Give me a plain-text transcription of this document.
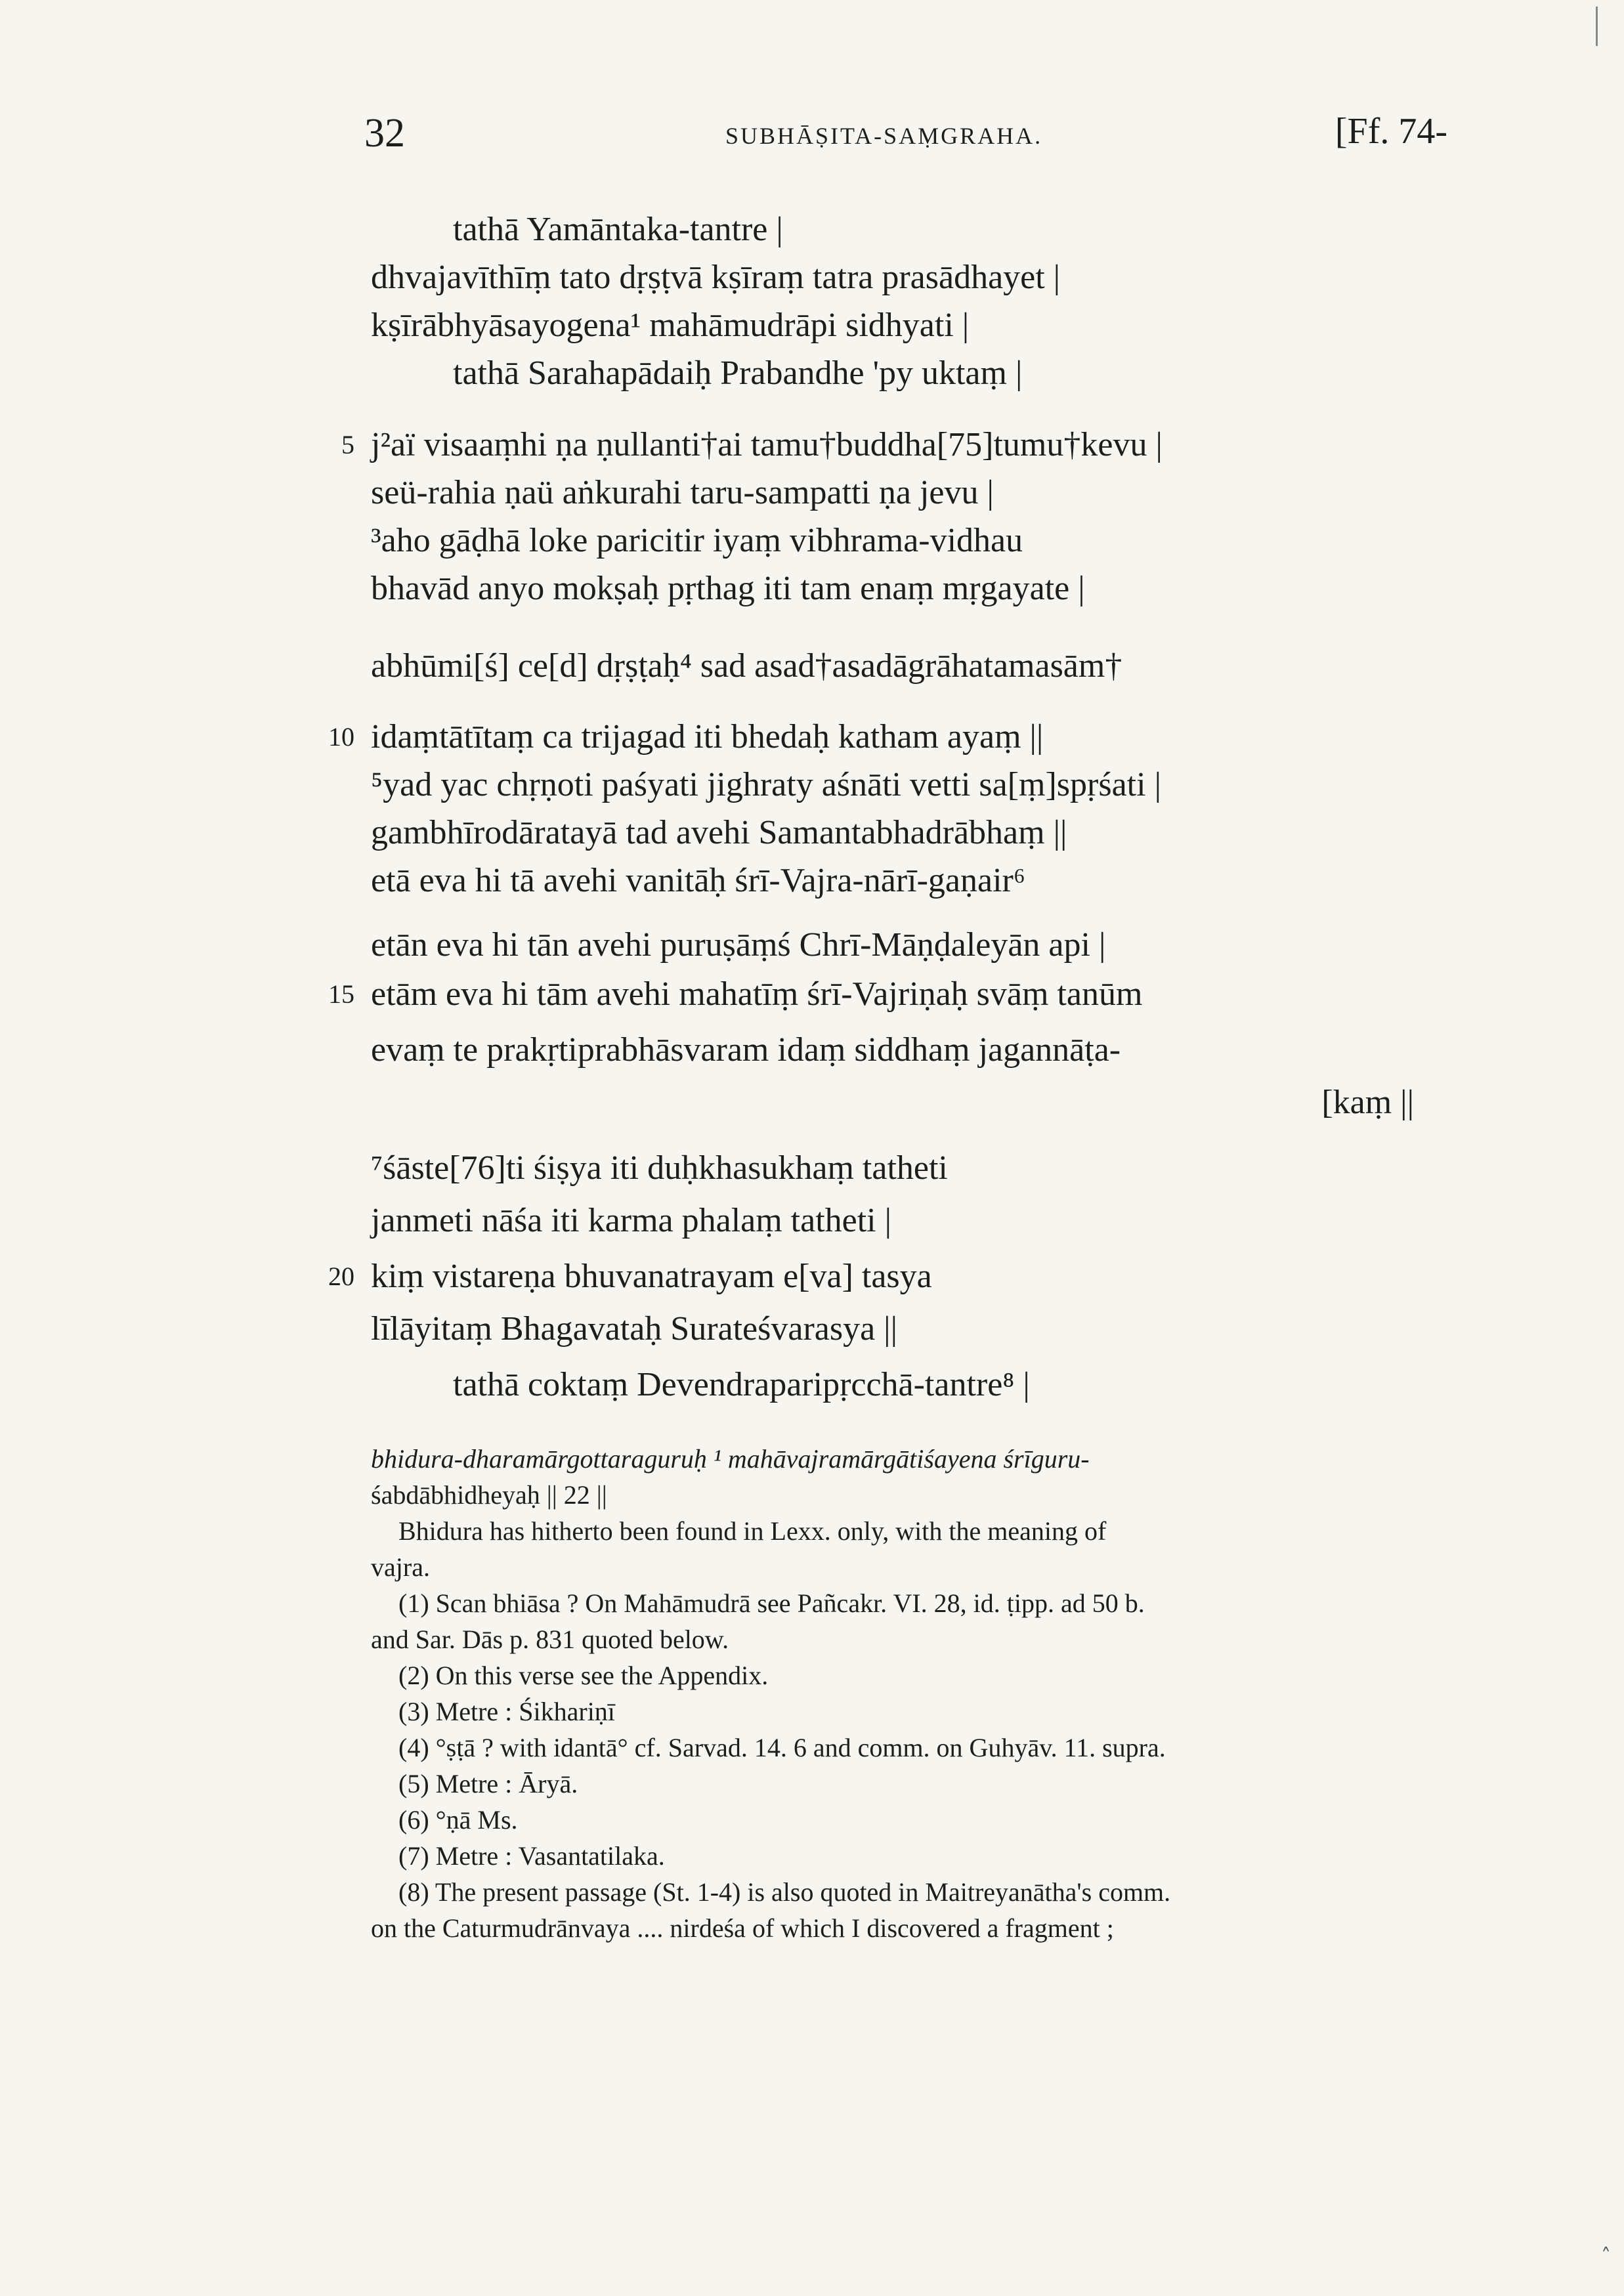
32	SUBHĀṢITA-SAṂGRAHA.	[Ff. 74-
tathā Yamāntaka-tantre |
dhvajavīthīṃ tato dṛṣṭvā kṣīraṃ tatra prasādhayet |
kṣīrābhyāsayogena¹ mahāmudrāpi sidhyati |
tathā Sarahapādaiḥ Prabandhe 'py uktaṃ |
5 j²aï visaaṃhi ṇa ṇullanti†ai tamu†buddha[75]tumu†kevu |
seü-rahia ṇaü aṅkurahi taru-sampatti ṇa jevu |
³aho gāḍhā loke paricitir iyaṃ vibhrama-vidhau
bhavād anyo mokṣaḥ pṛthag iti tam enaṃ mṛgayate |
abhūmi[ś] ce[d] dṛṣṭaḥ⁴ sad asad†asadāgrāhatamasām†
10 idaṃtātītaṃ ca trijagad iti bhedaḥ katham ayaṃ ||
⁵yad yac chṛṇoti paśyati jighraty aśnāti vetti sa[ṃ]spṛśati |
gambhīrodāratayā tad avehi Samantabhadrābhaṃ ||
etā eva hi tā avehi vanitāḥ śrī-Vajra-nārī-gaṇair⁶
etān eva hi tān avehi puruṣāṃś Chrī-Māṇḍaleyān api |
15 etām eva hi tām avehi mahatīṃ śrī-Vajriṇaḥ svāṃ tanūm
evaṃ te prakṛtiprabhāsvaram idaṃ siddhaṃ jagannāṭa-
[kaṃ ||
⁷śāste[76]ti śiṣya iti duḥkhasukhaṃ tatheti
janmeti nāśa iti karma phalaṃ tatheti |
20 kiṃ vistareṇa bhuvanatrayam e[va] tasya
līlāyitaṃ Bhagavataḥ Surateśvarasya ||
tathā coktaṃ Devendraparipṛcchā-tantre⁸ |
bhidura-dharamārgottaraguruḥ ¹ mahāvajramārgātiśayena śrīguru-
śabdābhidheyaḥ || 22 ||
Bhidura has hitherto been found in Lexx. only, with the meaning of
vajra.
(1) Scan bhiāsa ? On Mahāmudrā see Pañcakr. VI. 28, id. ṭipp. ad 50 b.
and Sar. Dās p. 831 quoted below.
(2) On this verse see the Appendix.
(3) Metre : Śikhariṇī
(4) °ṣṭā ? with idantā° cf. Sarvad. 14. 6 and comm. on Guhyāv. 11. supra.
(5) Metre : Āryā.
(6) °ṇā Ms.
(7) Metre : Vasantatilaka.
(8) The present passage (St. 1-4) is also quoted in Maitreyanātha's comm.
on the Caturmudrānvaya .... nirdeśa of which I discovered a fragment ;
˄
